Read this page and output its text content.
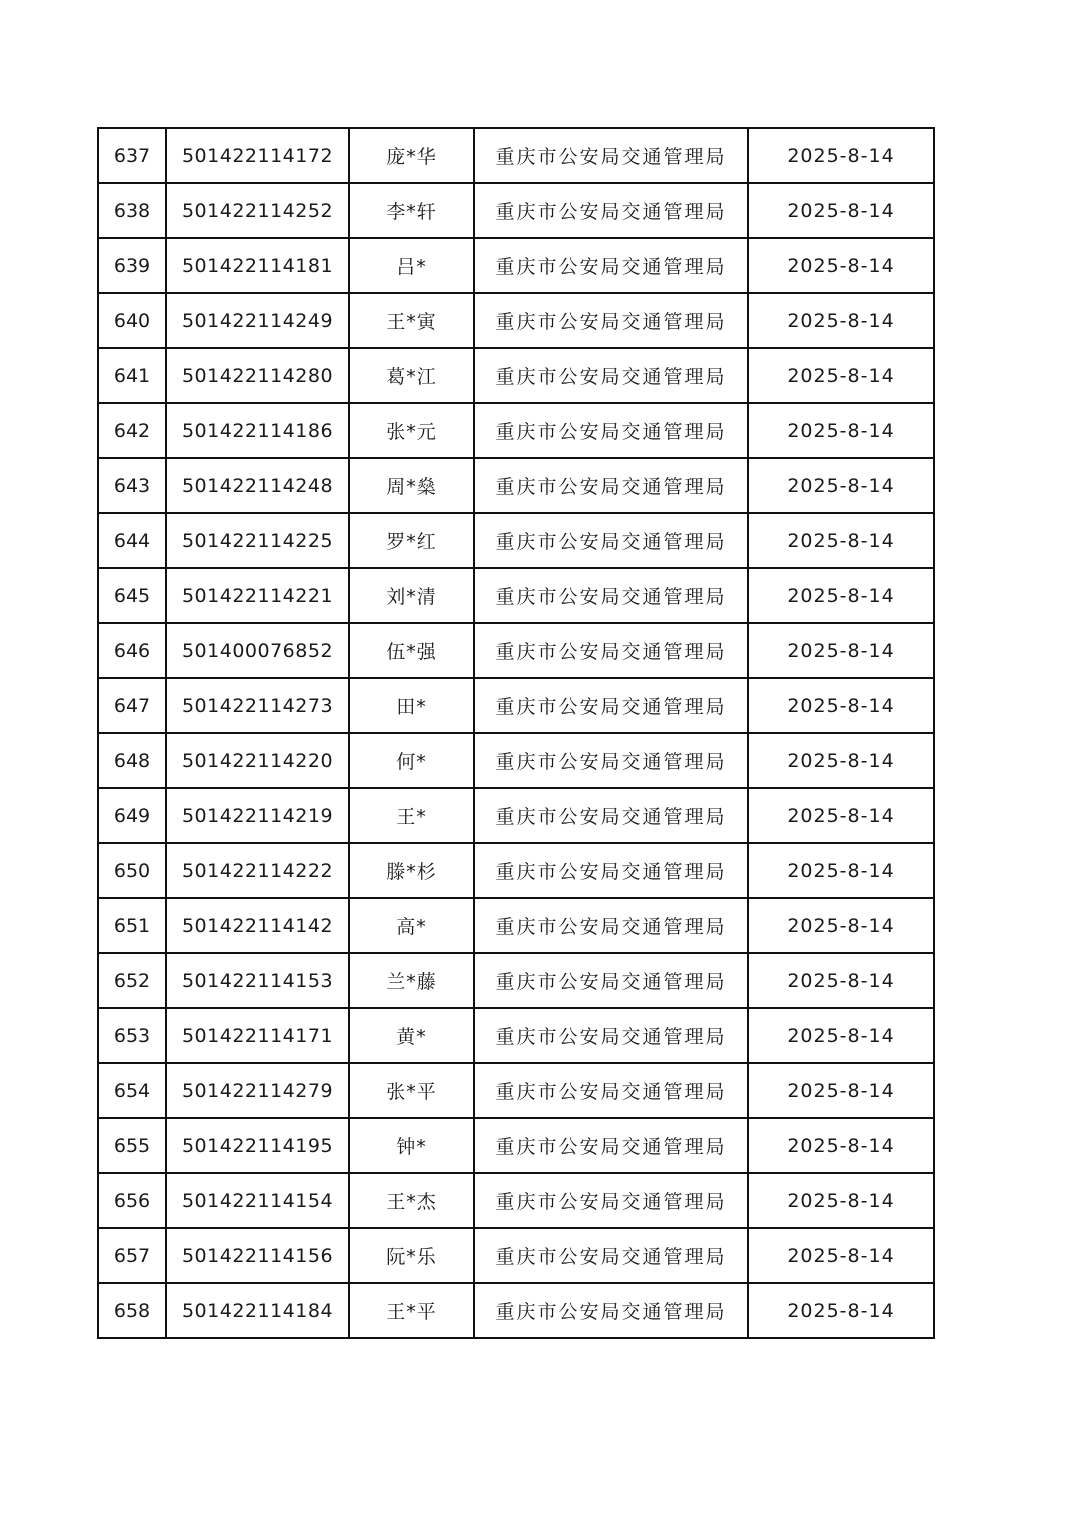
637	501422114172	庞*华	重庆市公安局交通管理局	2025-8-14
638	501422114252	李*轩	重庆市公安局交通管理局	2025-8-14
639	501422114181	吕*	重庆市公安局交通管理局	2025-8-14
640	501422114249	王*寅	重庆市公安局交通管理局	2025-8-14
641	501422114280	葛*江	重庆市公安局交通管理局	2025-8-14
642	501422114186	张*元	重庆市公安局交通管理局	2025-8-14
643	501422114248	周*燊	重庆市公安局交通管理局	2025-8-14
644	501422114225	罗*红	重庆市公安局交通管理局	2025-8-14
645	501422114221	刘*清	重庆市公安局交通管理局	2025-8-14
646	501400076852	伍*强	重庆市公安局交通管理局	2025-8-14
647	501422114273	田*	重庆市公安局交通管理局	2025-8-14
648	501422114220	何*	重庆市公安局交通管理局	2025-8-14
649	501422114219	王*	重庆市公安局交通管理局	2025-8-14
650	501422114222	滕*杉	重庆市公安局交通管理局	2025-8-14
651	501422114142	高*	重庆市公安局交通管理局	2025-8-14
652	501422114153	兰*藤	重庆市公安局交通管理局	2025-8-14
653	501422114171	黄*	重庆市公安局交通管理局	2025-8-14
654	501422114279	张*平	重庆市公安局交通管理局	2025-8-14
655	501422114195	钟*	重庆市公安局交通管理局	2025-8-14
656	501422114154	王*杰	重庆市公安局交通管理局	2025-8-14
657	501422114156	阮*乐	重庆市公安局交通管理局	2025-8-14
658	501422114184	王*平	重庆市公安局交通管理局	2025-8-14
